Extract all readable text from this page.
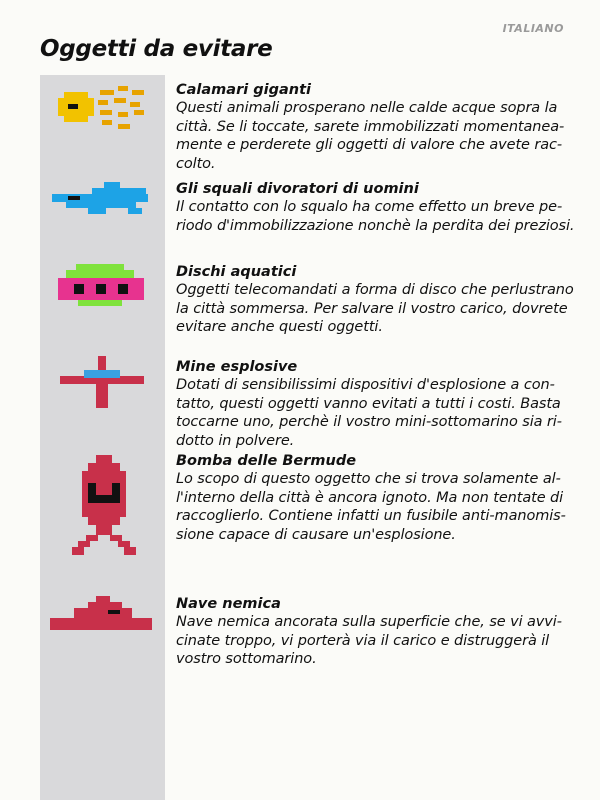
ITALIANO
Oggetti da evitare
Calamari giganti

Questi animali prosperano nelle calde acque sopra la città. Se li toccate, sarete immobilizzati momentaneamente e perderete gli oggetti di valore che avete raccolto.

Gli squali divoratori di uomini

Il contatto con lo squalo ha come effetto un breve periodo d'immobilizzazione nonchè la perdita dei preziosi.

Dischi aquatici

Oggetti telecomandati a forma di disco che perlustrano la città sommersa. Per salvare il vostro carico, dovrete evitare anche questi oggetti.

Mine esplosive

Dotati di sensibilissimi dispositivi d'esplosione a contatto, questi oggetti vanno evitati a tutti i costi. Basta toccarne uno, perchè il vostro mini-sottomarino sia ridotto in polvere.

Bomba delle Bermude

Lo scopo di questo oggetto che si trova solamente all'interno della città è ancora ignoto. Ma non tentate di raccoglierlo. Contiene infatti un fusibile anti-manomissione capace di causare un'esplosione.

Nave nemica

Nave nemica ancorata sulla superficie che, se vi avvicinate troppo, vi porterà via il carico e distruggerà il vostro sottomarino.
